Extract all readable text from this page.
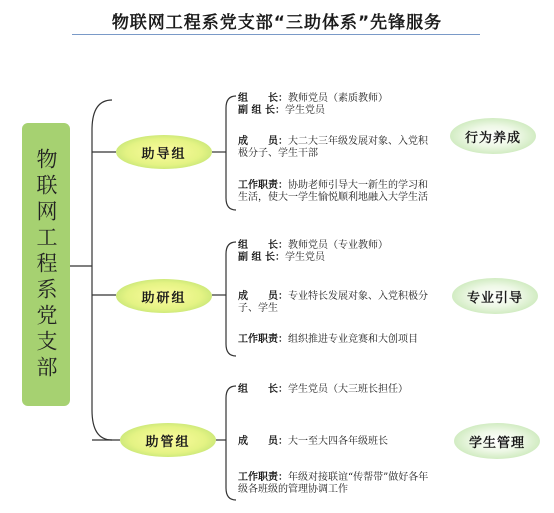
物联网工程系党支部“三助体系”先锋服务
物联网工程系党支部	助导组
组　　长：教师党员（素质教师）
副 组 长：学生党员
成　　员：大二大三年级发展对象、入党积极分子、学生干部
工作职责：协助老师引导大一新生的学习和生活，使大一学生愉悦顺利地融入大学生活
行为养成
助研组
组　　长：教师党员（专业教师）
副 组 长：学生党员
成　　员：专业特长发展对象、入党积极分子、学生
工作职责：组织推进专业竞赛和大创项目
专业引导
助管组
组　　长：学生党员（大三班长担任）
成　　员：大一至大四各年级班长
工作职责：年级对接联谊“传帮带”做好各年级各班级的管理协调工作
学生管理
